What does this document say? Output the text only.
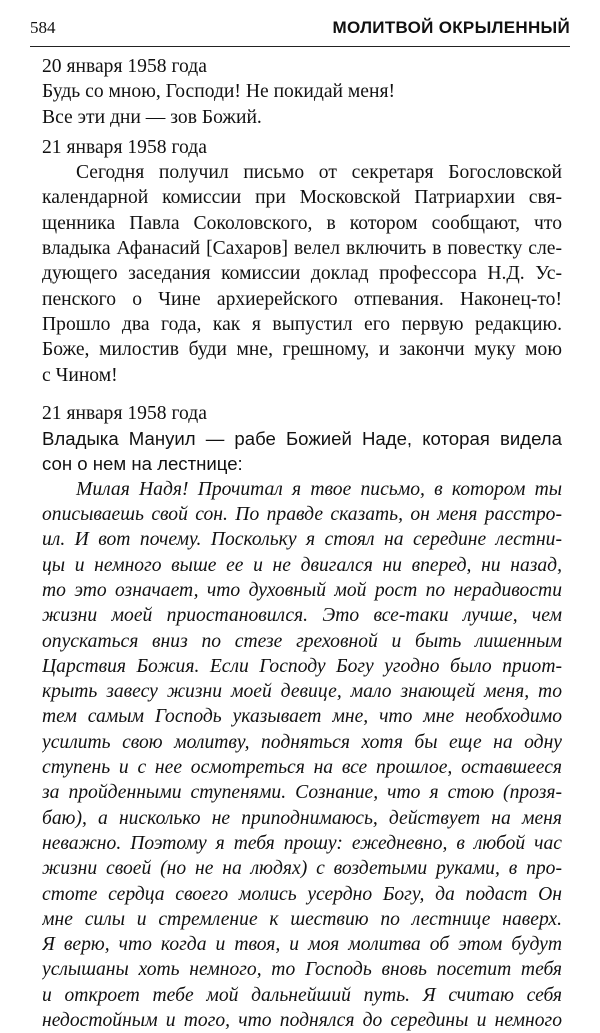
584	МОЛИТВОЙ ОКРЫЛЕННЫЙ
20 января 1958 года
Будь со мною, Господи! Не покидай меня!
Все эти дни — зов Божий.
21 января 1958 года
Сегодня получил письмо от секретаря Богословской
календарной комиссии при Московской Патриархии свя-
щенника Павла Соколовского, в котором сообщают, что
владыка Афанасий [Сахаров] велел включить в повестку сле-
дующего заседания комиссии доклад профессора Н.Д. Ус-
пенского о Чине архиерейского отпевания. Наконец-то!
Прошло два года, как я выпустил его первую редакцию.
Боже, милостив буди мне, грешному, и закончи муку мою
с Чином!
21 января 1958 года
Владыка Мануил — рабе Божией Наде, которая видела
сон о нем на лестнице:
Милая Надя! Прочитал я твое письмо, в котором ты
описываешь свой сон. По правде сказать, он меня расстро-
ил. И вот почему. Поскольку я стоял на середине лестни-
цы и немного выше ее и не двигался ни вперед, ни назад,
то это означает, что духовный мой рост по нерадивости
жизни моей приостановился. Это все-таки лучше, чем
опускаться вниз по стезе греховной и быть лишенным
Царствия Божия. Если Господу Богу угодно было приот-
крыть завесу жизни моей девице, мало знающей меня, то
тем самым Господь указывает мне, что мне необходимо
усилить свою молитву, подняться хотя бы еще на одну
ступень и с нее осмотреться на все прошлое, оставшееся
за пройденными ступенями. Сознание, что я стою (прозя-
баю), а нисколько не приподнимаюсь, действует на меня
неважно. Поэтому я тебя прошу: ежедневно, в любой час
жизни своей (но не на людях) с воздетыми руками, в про-
стоте сердца своего молись усердно Богу, да подаст Он
мне силы и стремление к шествию по лестнице наверх.
Я верю, что когда и твоя, и моя молитва об этом будут
услышаны хоть немного, то Господь вновь посетит тебя
и откроет тебе мой дальнейший путь. Я считаю себя
недостойным и того, что поднялся до середины и немного
